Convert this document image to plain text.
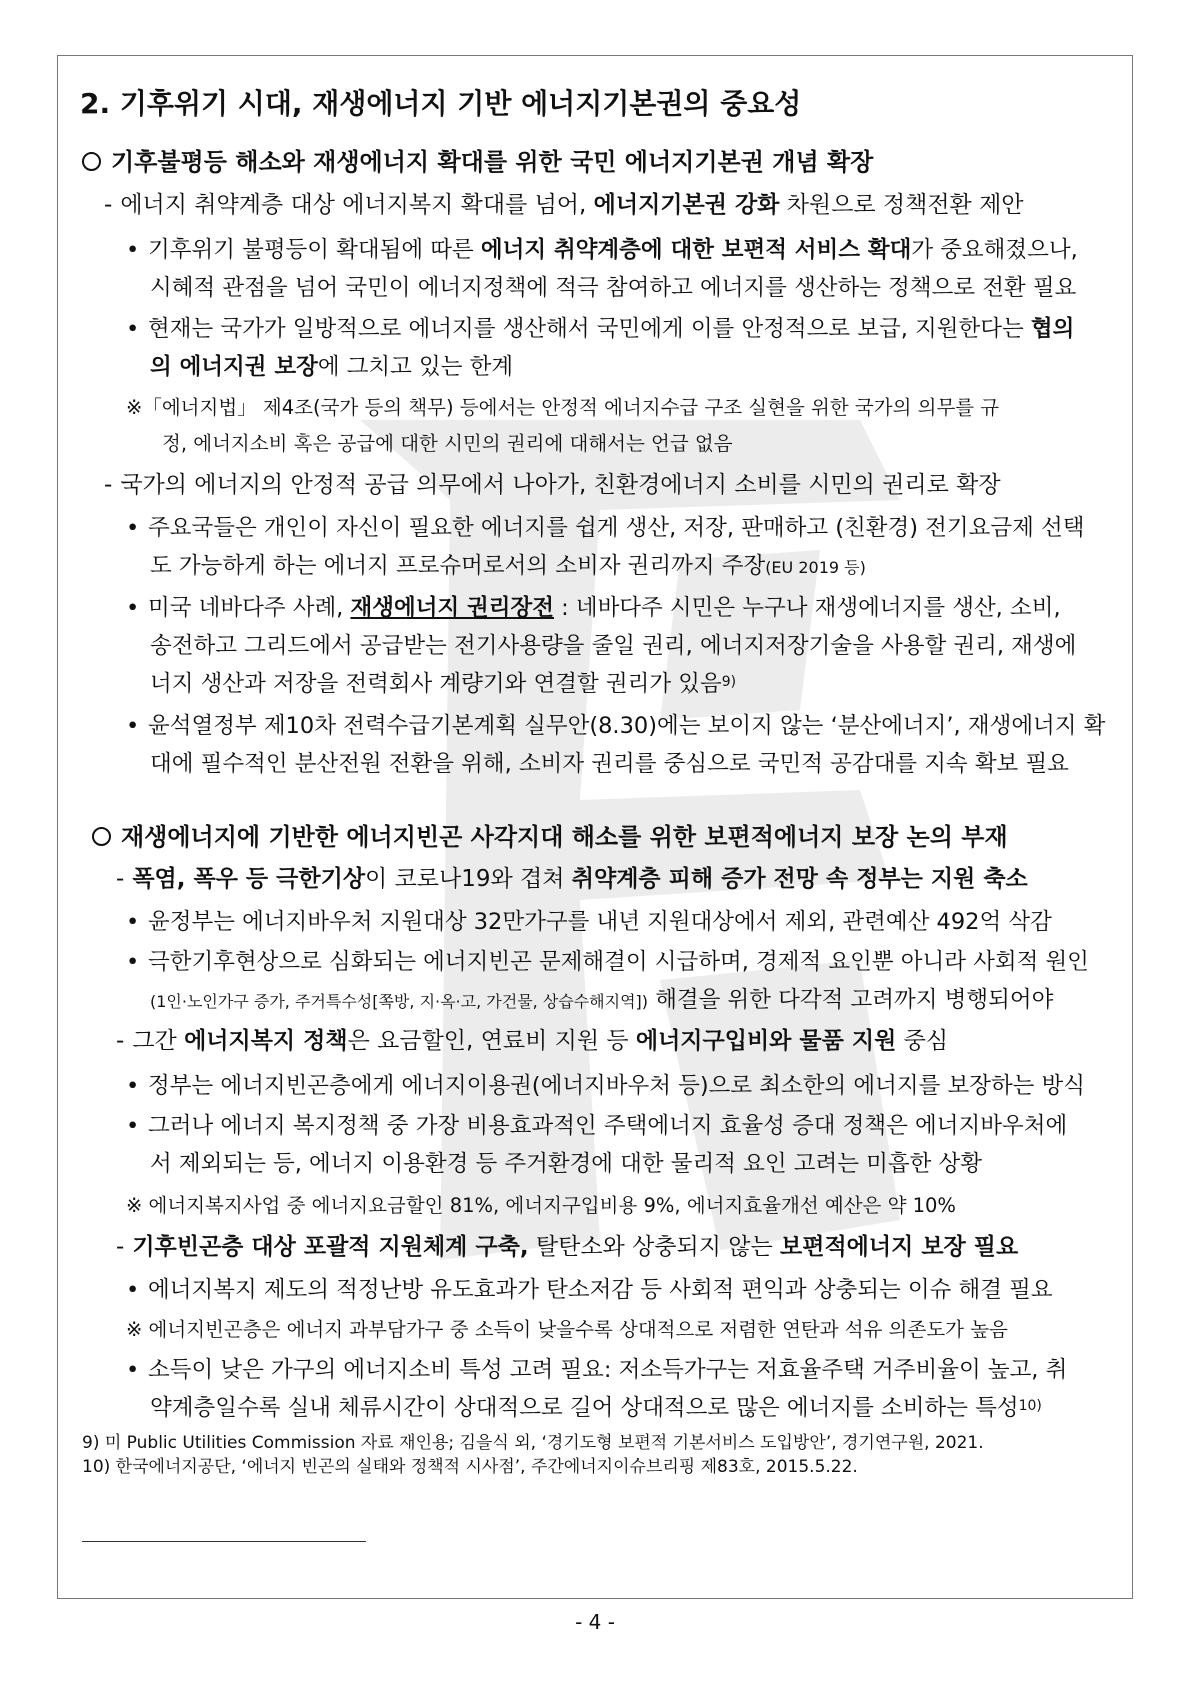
2. 기후위기 시대, 재생에너지 기반 에너지기본권의 중요성
기후불평등 해소와 재생에너지 확대를 위한 국민 에너지기본권 개념 확장
- 에너지 취약계층 대상 에너지복지 확대를 넘어, 에너지기본권 강화 차원으로 정책전환 제안
• 기후위기 불평등이 확대됨에 따른 에너지 취약계층에 대한 보편적 서비스 확대가 중요해졌으나,
시혜적 관점을 넘어 국민이 에너지정책에 적극 참여하고 에너지를 생산하는 정책으로 전환 필요
• 현재는 국가가 일방적으로 에너지를 생산해서 국민에게 이를 안정적으로 보급, 지원한다는 협의
의 에너지권 보장에 그치고 있는 한계
※「에너지법」 제4조(국가 등의 책무) 등에서는 안정적 에너지수급 구조 실현을 위한 국가의 의무를 규
정, 에너지소비 혹은 공급에 대한 시민의 권리에 대해서는 언급 없음
- 국가의 에너지의 안정적 공급 의무에서 나아가, 친환경에너지 소비를 시민의 권리로 확장
• 주요국들은 개인이 자신이 필요한 에너지를 쉽게 생산, 저장, 판매하고 (친환경) 전기요금제 선택
도 가능하게 하는 에너지 프로슈머로서의 소비자 권리까지 주장(EU 2019 등)
• 미국 네바다주 사례, 재생에너지 권리장전 : 네바다주 시민은 누구나 재생에너지를 생산, 소비,
송전하고 그리드에서 공급받는 전기사용량을 줄일 권리, 에너지저장기술을 사용할 권리, 재생에
너지 생산과 저장을 전력회사 계량기와 연결할 권리가 있음$^{9)}$
• 윤석열정부 제10차 전력수급기본계획 실무안(8.30)에는 보이지 않는 ‘분산에너지’, 재생에너지 확
대에 필수적인 분산전원 전환을 위해, 소비자 권리를 중심으로 국민적 공감대를 지속 확보 필요
재생에너지에 기반한 에너지빈곤 사각지대 해소를 위한 보편적에너지 보장 논의 부재
- 폭염, 폭우 등 극한기상이 코로나19와 겹쳐 취약계층 피해 증가 전망 속 정부는 지원 축소
• 윤정부는 에너지바우처 지원대상 32만가구를 내년 지원대상에서 제외, 관련예산 492억 삭감
• 극한기후현상으로 심화되는 에너지빈곤 문제해결이 시급하며, 경제적 요인뿐 아니라 사회적 원인
(1인·노인가구 증가, 주거특수성[쪽방, 지·옥·고, 가건물, 상습수해지역]) 해결을 위한 다각적 고려까지 병행되어야
- 그간 에너지복지 정책은 요금할인, 연료비 지원 등 에너지구입비와 물품 지원 중심
• 정부는 에너지빈곤층에게 에너지이용권(에너지바우처 등)으로 최소한의 에너지를 보장하는 방식
• 그러나 에너지 복지정책 중 가장 비용효과적인 주택에너지 효율성 증대 정책은 에너지바우처에
서 제외되는 등, 에너지 이용환경 등 주거환경에 대한 물리적 요인 고려는 미흡한 상황
※ 에너지복지사업 중 에너지요금할인 81%, 에너지구입비용 9%, 에너지효율개선 예산은 약 10%
- 기후빈곤층 대상 포괄적 지원체계 구축, 탈탄소와 상충되지 않는 보편적에너지 보장 필요
• 에너지복지 제도의 적정난방 유도효과가 탄소저감 등 사회적 편익과 상충되는 이슈 해결 필요
※ 에너지빈곤층은 에너지 과부담가구 중 소득이 낮을수록 상대적으로 저렴한 연탄과 석유 의존도가 높음
• 소득이 낮은 가구의 에너지소비 특성 고려 필요: 저소득가구는 저효율주택 거주비율이 높고, 취
약계층일수록 실내 체류시간이 상대적으로 길어 상대적으로 많은 에너지를 소비하는 특성$^{10)}$
9) 미 Public Utilities Commission 자료 재인용; 김을식 외, ‘경기도형 보편적 기본서비스 도입방안’, 경기연구원, 2021.
10) 한국에너지공단, ‘에너지 빈곤의 실태와 정책적 시사점’, 주간에너지이슈브리핑 제83호, 2015.5.22.
- 4 -
